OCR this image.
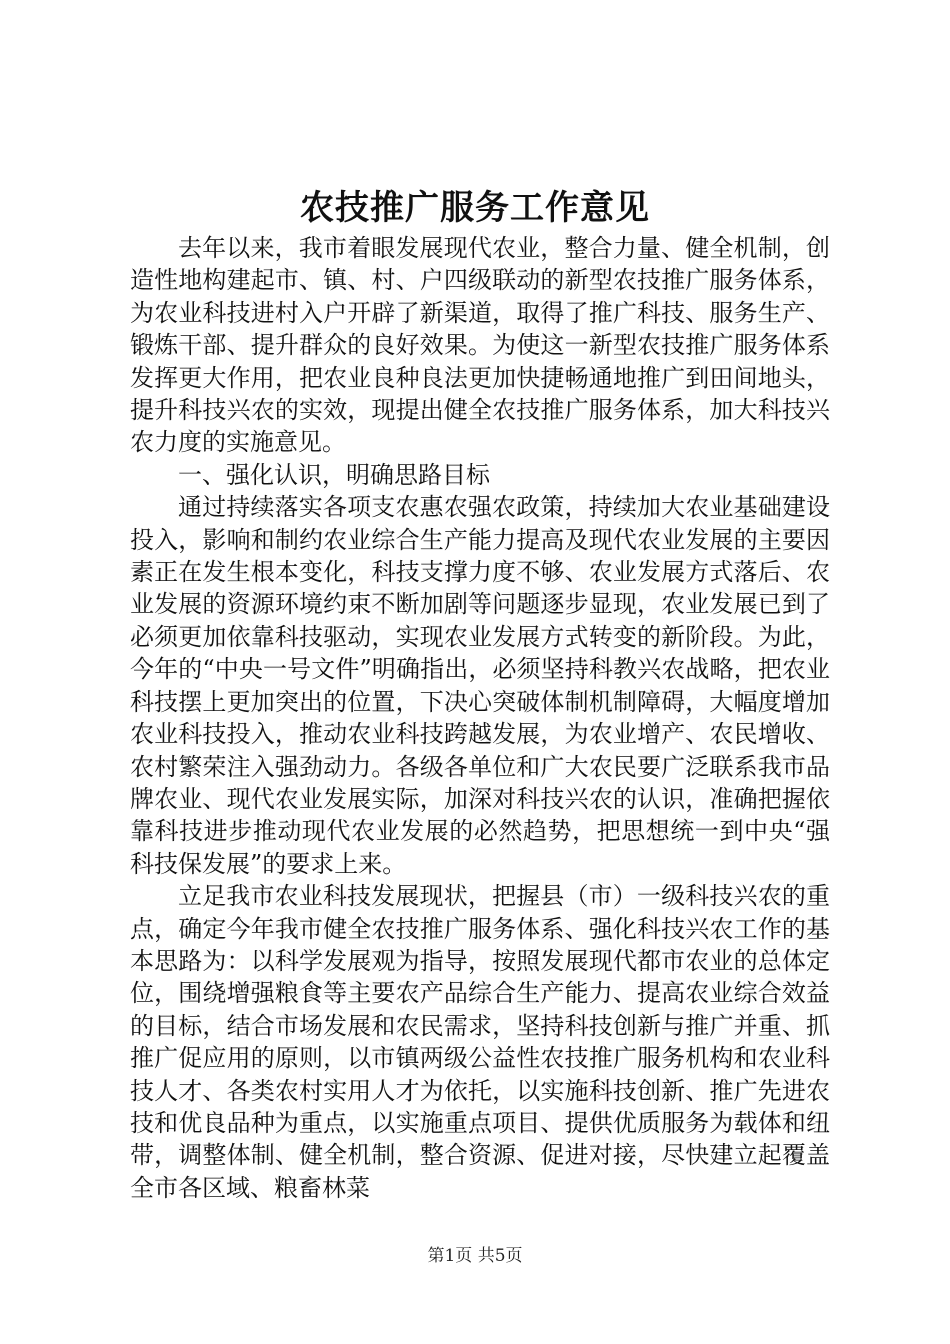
农技推广服务工作意见

去年以来，我市着眼发展现代农业，整合力量、健全机制，创造性地构建起市、镇、村、户四级联动的新型农技推广服务体系，为农业科技进村入户开辟了新渠道，取得了推广科技、服务生产、锻炼干部、提升群众的良好效果。为使这一新型农技推广服务体系发挥更大作用，把农业良种良法更加快捷畅通地推广到田间地头，提升科技兴农的实效，现提出健全农技推广服务体系，加大科技兴农力度的实施意见。

一、强化认识，明确思路目标

通过持续落实各项支农惠农强农政策，持续加大农业基础建设投入，影响和制约农业综合生产能力提高及现代农业发展的主要因素正在发生根本变化，科技支撑力度不够、农业发展方式落后、农业发展的资源环境约束不断加剧等问题逐步显现，农业发展已到了必须更加依靠科技驱动，实现农业发展方式转变的新阶段。为此，今年的“中央一号文件”明确指出，必须坚持科教兴农战略，把农业科技摆上更加突出的位置，下决心突破体制机制障碍，大幅度增加农业科技投入，推动农业科技跨越发展，为农业增产、农民增收、农村繁荣注入强劲动力。各级各单位和广大农民要广泛联系我市品牌农业、现代农业发展实际，加深对科技兴农的认识，准确把握依靠科技进步推动现代农业发展的必然趋势，把思想统一到中央“强科技保发展”的要求上来。

立足我市农业科技发展现状，把握县（市）一级科技兴农的重点，确定今年我市健全农技推广服务体系、强化科技兴农工作的基本思路为：以科学发展观为指导，按照发展现代都市农业的总体定位，围绕增强粮食等主要农产品综合生产能力、提高农业综合效益的目标，结合市场发展和农民需求，坚持科技创新与推广并重、抓推广促应用的原则，以市镇两级公益性农技推广服务机构和农业科技人才、各类农村实用人才为依托，以实施科技创新、推广先进农技和优良品种为重点，以实施重点项目、提供优质服务为载体和纽带，调整体制、健全机制，整合资源、促进对接，尽快建立起覆盖全市各区域、粮畜林菜

第1页 共5页
